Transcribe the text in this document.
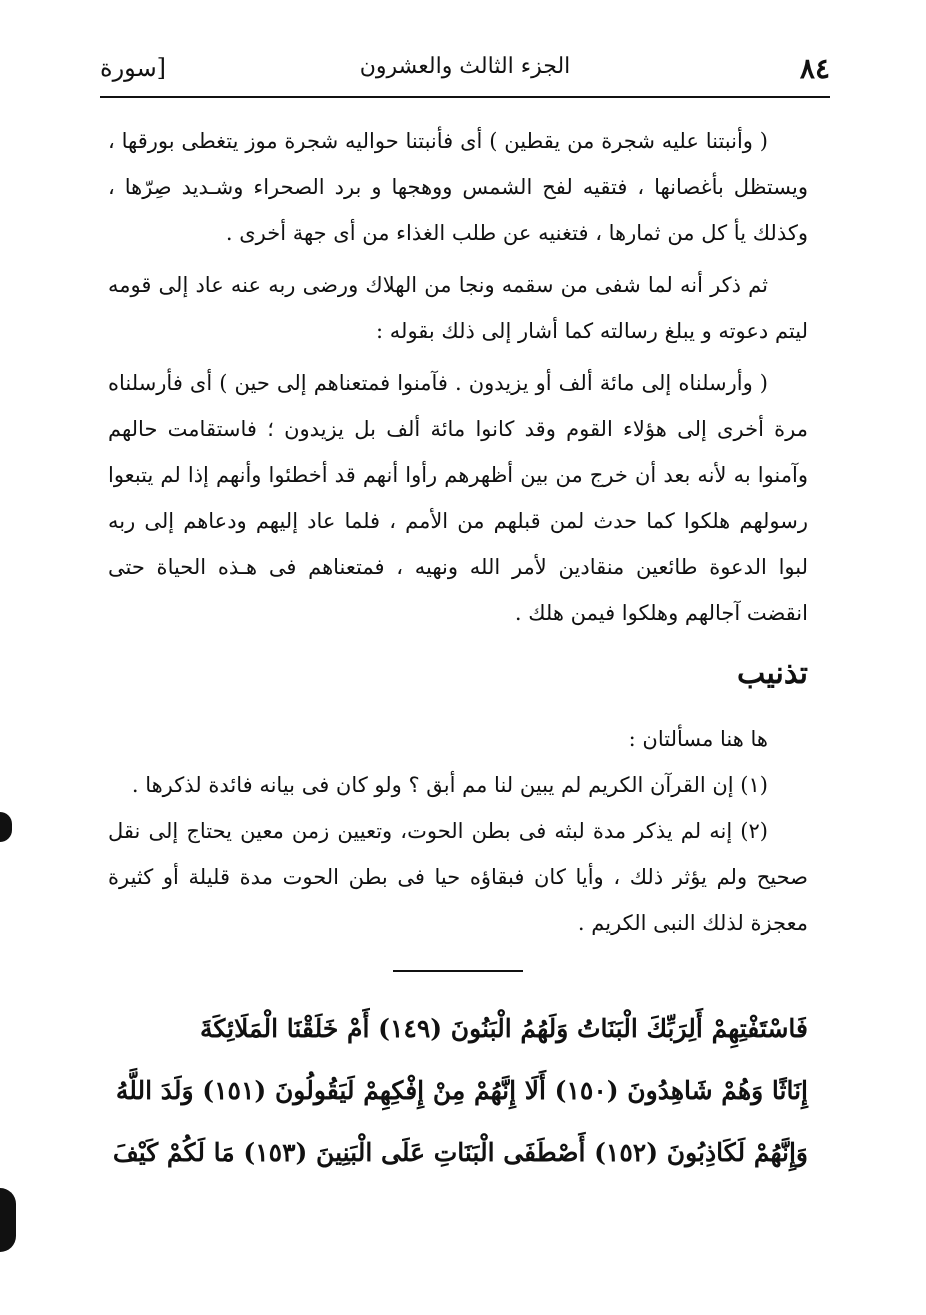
٨٤
الجزء الثالث والعشرون
[سورة

( وأنبتنا عليه شجرة من يقطين ) أى فأنبتنا حواليه شجرة موز يتغطى بورقها ، ويستظل بأغصانها ، فتقيه لفح الشمس ووهجها و برد الصحراء وشـديد صِرّها ، وكذلك يأ كل من ثمارها ، فتغنيه عن طلب الغذاء من أى جهة أخرى .

ثم ذكر أنه لما شفى من سقمه ونجا من الهلاك ورضى ربه عنه عاد إلى قومه ليتم دعوته و يبلغ رسالته كما أشار إلى ذلك بقوله :

( وأرسلناه إلى مائة ألف أو يزيدون . فآمنوا فمتعناهم إلى حين ) أى فأرسلناه مرة أخرى إلى هؤلاء القوم وقد كانوا مائة ألف بل يزيدون ؛ فاستقامت حالهم وآمنوا به لأنه بعد أن خرج من بين أظهرهم رأوا أنهم قد أخطئوا وأنهم إذا لم يتبعوا رسولهم هلكوا كما حدث لمن قبلهم من الأمم ، فلما عاد إليهم ودعاهم إلى ربه لبوا الدعوة طائعين منقادين لأمر الله ونهيه ، فمتعناهم فى هـذه الحياة حتى انقضت آجالهم وهلكوا فيمن هلك .

تذنيب

ها هنا مسألتان :

(١) إن القرآن الكريم لم يبين لنا مم أبق ؟ ولو كان فى بيانه فائدة لذكرها .

(٢) إنه لم يذكر مدة لبثه فى بطن الحوت، وتعيين زمن معين يحتاج إلى نقل صحيح ولم يؤثر ذلك ، وأيا كان فبقاؤه حيا فى بطن الحوت مدة قليلة أو كثيرة معجزة لذلك النبى الكريم .

فَاسْتَفْتِهِمْ أَلِرَبِّكَ الْبَنَاتُ وَلَهُمُ الْبَنُونَ (١٤٩) أَمْ خَلَقْنَا الْمَلَائِكَةَ

إِنَاثًا وَهُمْ شَاهِدُونَ (١٥٠) أَلَا إِنَّهُمْ مِنْ إِفْكِهِمْ لَيَقُولُونَ (١٥١) وَلَدَ اللَّهُ

وَإِنَّهُمْ لَكَاذِبُونَ (١٥٢) أَصْطَفَى الْبَنَاتِ عَلَى الْبَنِينَ (١٥٣) مَا لَكُمْ كَيْفَ
